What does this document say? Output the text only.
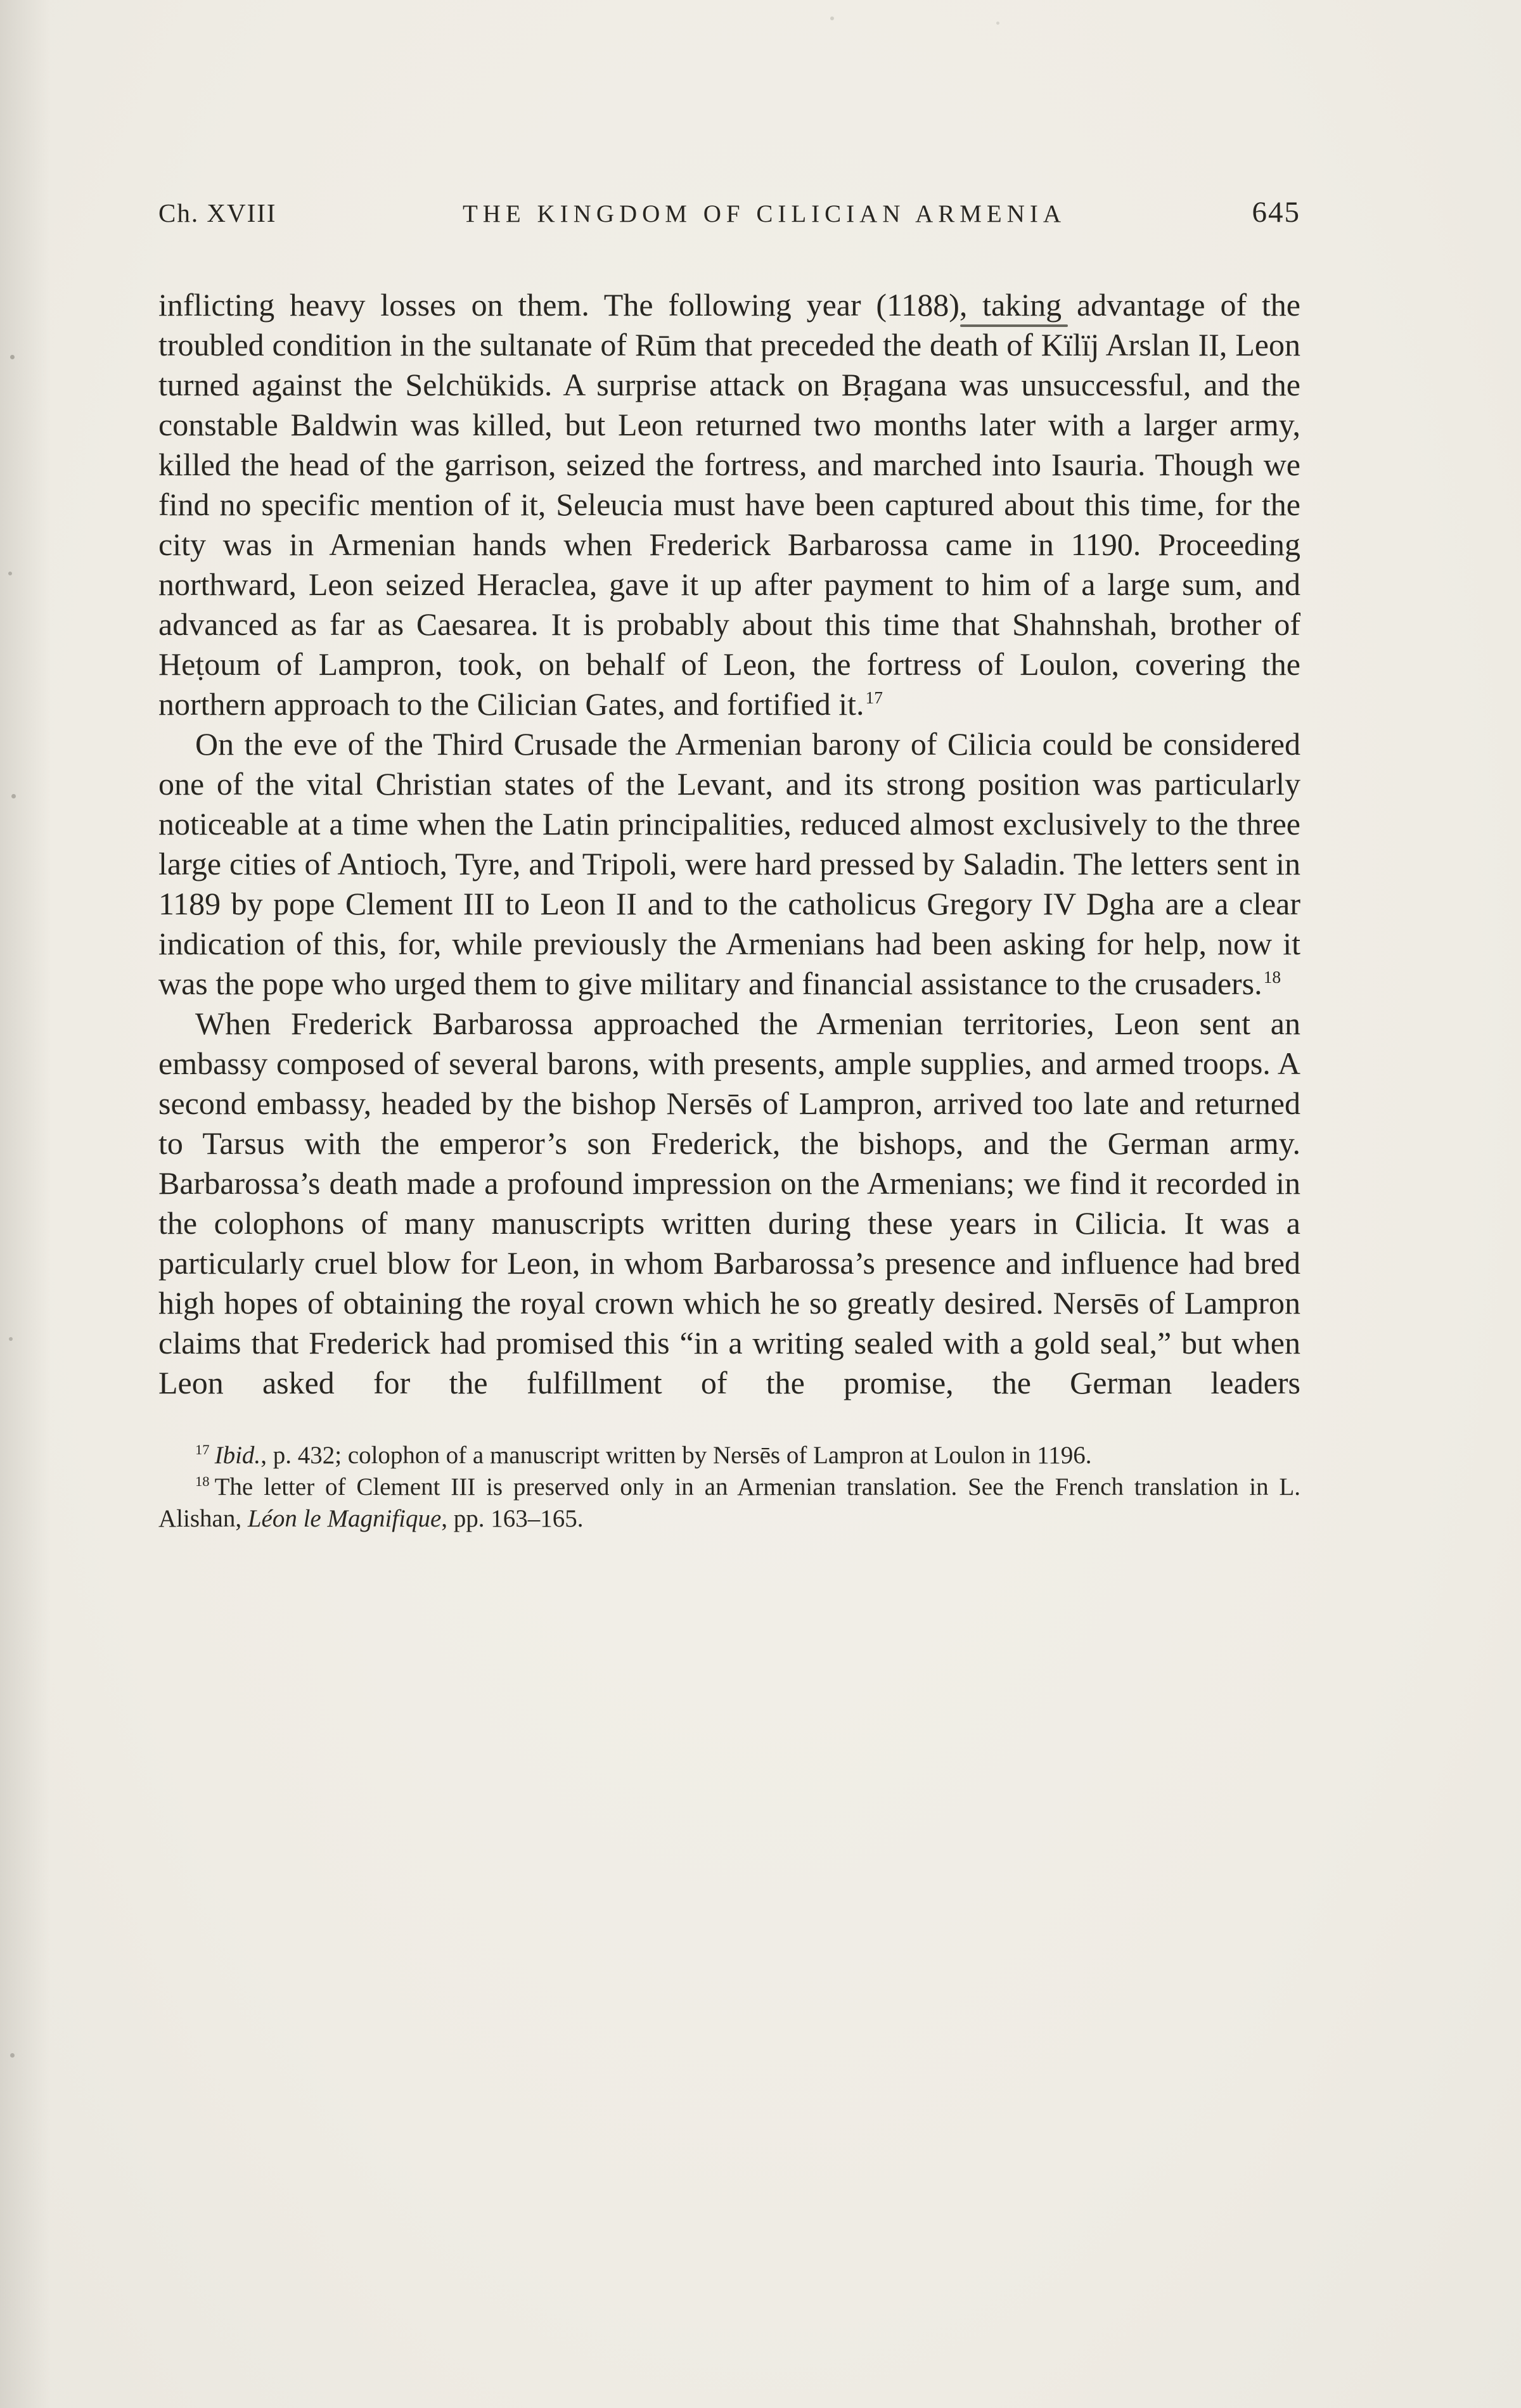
Ch. XVIII	THE KINGDOM OF CILICIAN ARMENIA	645

inflicting heavy losses on them. The following year (1188), taking advantage of the troubled condition in the sultanate of Rūm that preceded the death of Kïlïj Arslan II, Leon turned against the Selchükids. A surprise attack on Bṛagana was unsuccessful, and the constable Baldwin was killed, but Leon returned two months later with a larger army, killed the head of the garrison, seized the fortress, and marched into Isauria. Though we find no specific mention of it, Seleucia must have been captured about this time, for the city was in Armenian hands when Frederick Barbarossa came in 1190. Proceeding northward, Leon seized Heraclea, gave it up after payment to him of a large sum, and advanced as far as Caesarea. It is probably about this time that Shahnshah, brother of Heṭoum of Lampron, took, on behalf of Leon, the fortress of Loulon, covering the northern approach to the Cilician Gates, and fortified it.$^{17}$

On the eve of the Third Crusade the Armenian barony of Cilicia could be considered one of the vital Christian states of the Levant, and its strong position was particularly noticeable at a time when the Latin principalities, reduced almost exclusively to the three large cities of Antioch, Tyre, and Tripoli, were hard pressed by Saladin. The letters sent in 1189 by pope Clement III to Leon II and to the catholicus Gregory IV Dgha are a clear indication of this, for, while previously the Armenians had been asking for help, now it was the pope who urged them to give military and financial assistance to the crusaders.$^{18}$

When Frederick Barbarossa approached the Armenian territories, Leon sent an embassy composed of several barons, with presents, ample supplies, and armed troops. A second embassy, headed by the bishop Nersēs of Lampron, arrived too late and returned to Tarsus with the emperor’s son Frederick, the bishops, and the German army. Barbarossa’s death made a profound impression on the Armenians; we find it recorded in the colophons of many manuscripts written during these years in Cilicia. It was a particularly cruel blow for Leon, in whom Barbarossa’s presence and influence had bred high hopes of obtaining the royal crown which he so greatly desired. Nersēs of Lampron claims that Frederick had promised this “in a writing sealed with a gold seal,” but when Leon asked for the fulfillment of the promise, the German leaders

$^{17}$ Ibid., p. 432; colophon of a manuscript written by Nersēs of Lampron at Loulon in 1196.

$^{18}$ The letter of Clement III is preserved only in an Armenian translation. See the French translation in L. Alishan, Léon le Magnifique, pp. 163–165.
